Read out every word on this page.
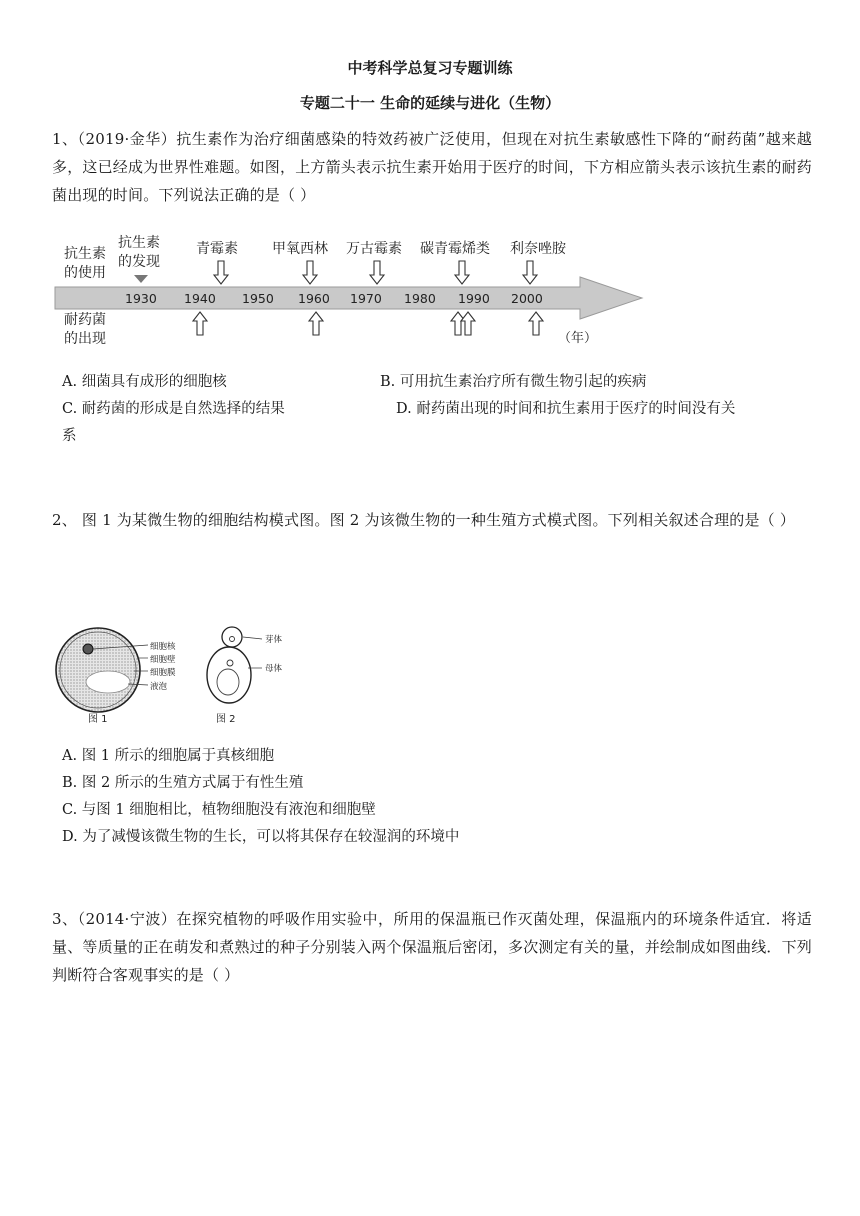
中考科学总复习专题训练
专题二十一 生命的延续与进化（生物）
1、（2019·金华）抗生素作为治疗细菌感染的特效药被广泛使用，但现在对抗生素敏感性下降的“耐药菌”越来越多，这已经成为世界性难题。如图，上方箭头表示抗生素开始用于医疗的时间，下方相应箭头表示该抗生素的耐药菌出现的时间。下列说法正确的是（ ）
抗生素
的使用
耐药菌
的出现
抗生素
的发现
1930 1940 1950 1960 1970 1980 1990 2000
青霉素 甲氧西林 万古霉素 碳青霉烯类 利奈唑胺
（年）
A. 细菌具有成形的细胞核	B. 可用抗生素治疗所有微生物引起的疾病
C. 耐药菌的形成是自然选择的结果	D. 耐药菌出现的时间和抗生素用于医疗的时间没有关
系
2、 图 1 为某微生物的细胞结构模式图。图 2 为该微生物的一种生殖方式模式图。下列相关叙述合理的是（ ）
细胞核
细胞壁
细胞膜
液泡
图 1
芽体
母体
图 2
A. 图 1 所示的细胞属于真核细胞
B. 图 2 所示的生殖方式属于有性生殖
C. 与图 1 细胞相比，植物细胞没有液泡和细胞壁
D. 为了减慢该微生物的生长，可以将其保存在较湿润的环境中
3、（2014·宁波）在探究植物的呼吸作用实验中，所用的保温瓶已作灭菌处理，保温瓶内的环境条件适宜．将适量、等质量的正在萌发和煮熟过的种子分别装入两个保温瓶后密闭，多次测定有关的量，并绘制成如图曲线．下列判断符合客观事实的是（ ）
